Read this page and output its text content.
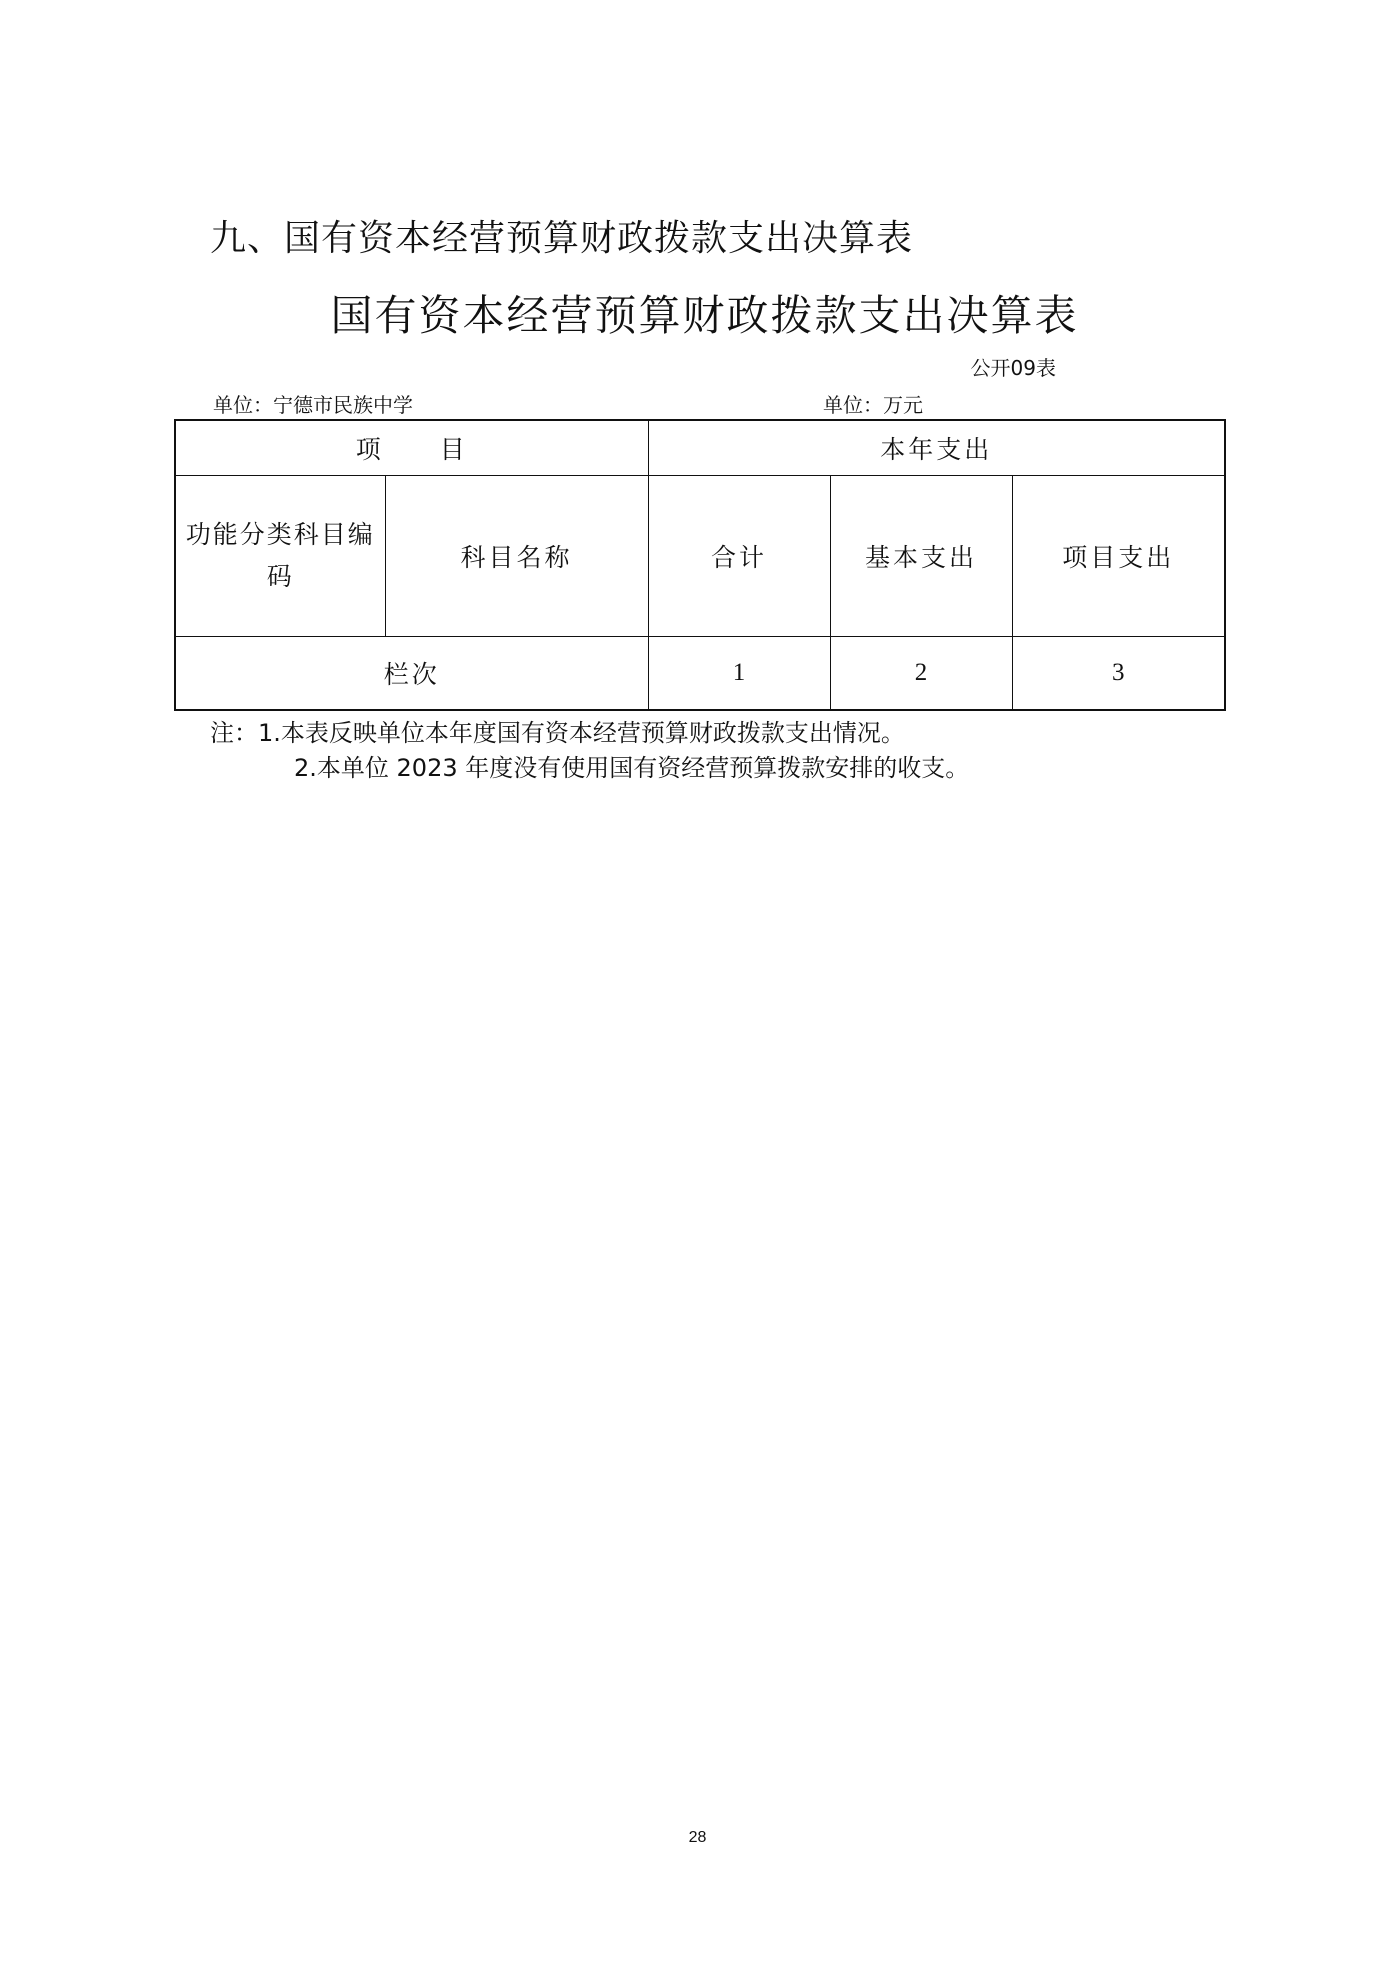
九、国有资本经营预算财政拨款支出决算表
国有资本经营预算财政拨款支出决算表
公开09表
单位：宁德市民族中学	单位：万元
项　　目		本年支出		
功能分类科目编码	科目名称	合计	基本支出	项目支出
栏次		1	2	3
注：1.本表反映单位本年度国有资本经营预算财政拨款支出情况。
2.本单位 2023 年度没有使用国有资经营预算拨款安排的收支。
28
